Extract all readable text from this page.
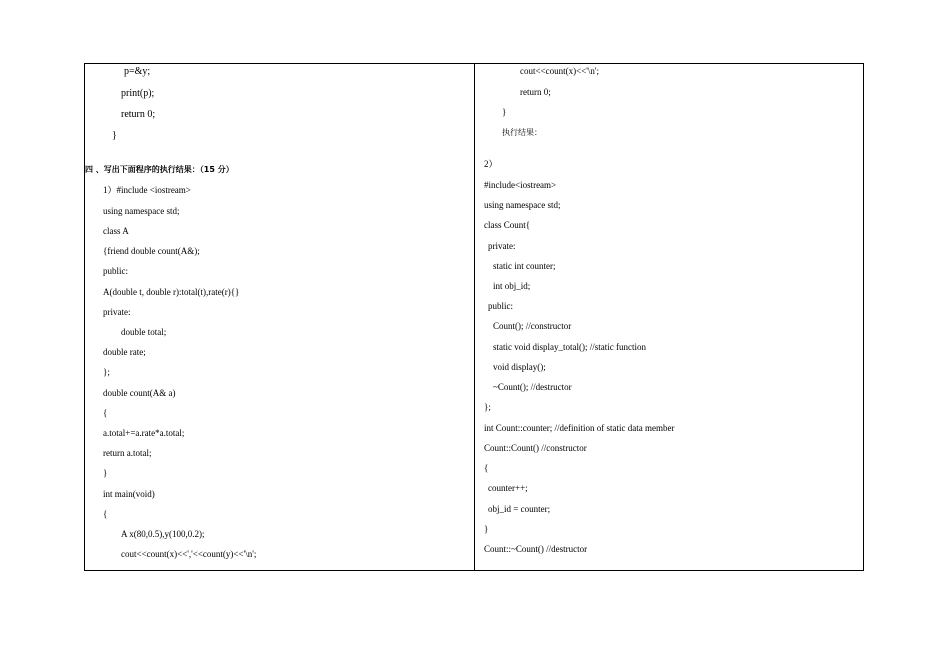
p=&y;
print(p);
return 0;
}
四 、写出下面程序的执行结果：（15 分）
1）#include <iostream>
using namespace std;
class A
{friend double count(A&);
public:
A(double t, double r):total(t),rate(r){}
private:
double total;
double rate;
};
double count(A& a)
{
a.total+=a.rate*a.total;
return a.total;
}
int main(void)
{
A x(80,0.5),y(100,0.2);
cout<<count(x)<<','<<count(y)<<'\n';
cout<<count(x)<<'\n';
return 0;
}
执行结果：
2）
#include<iostream>
using namespace std;
class Count{
private:
static int counter;
int obj_id;
public:
Count(); //constructor
static void display_total(); //static function
void display();
~Count(); //destructor
};
int Count::counter; //definition of static data member
Count::Count() //constructor
{
counter++;
obj_id = counter;
}
Count::~Count() //destructor
